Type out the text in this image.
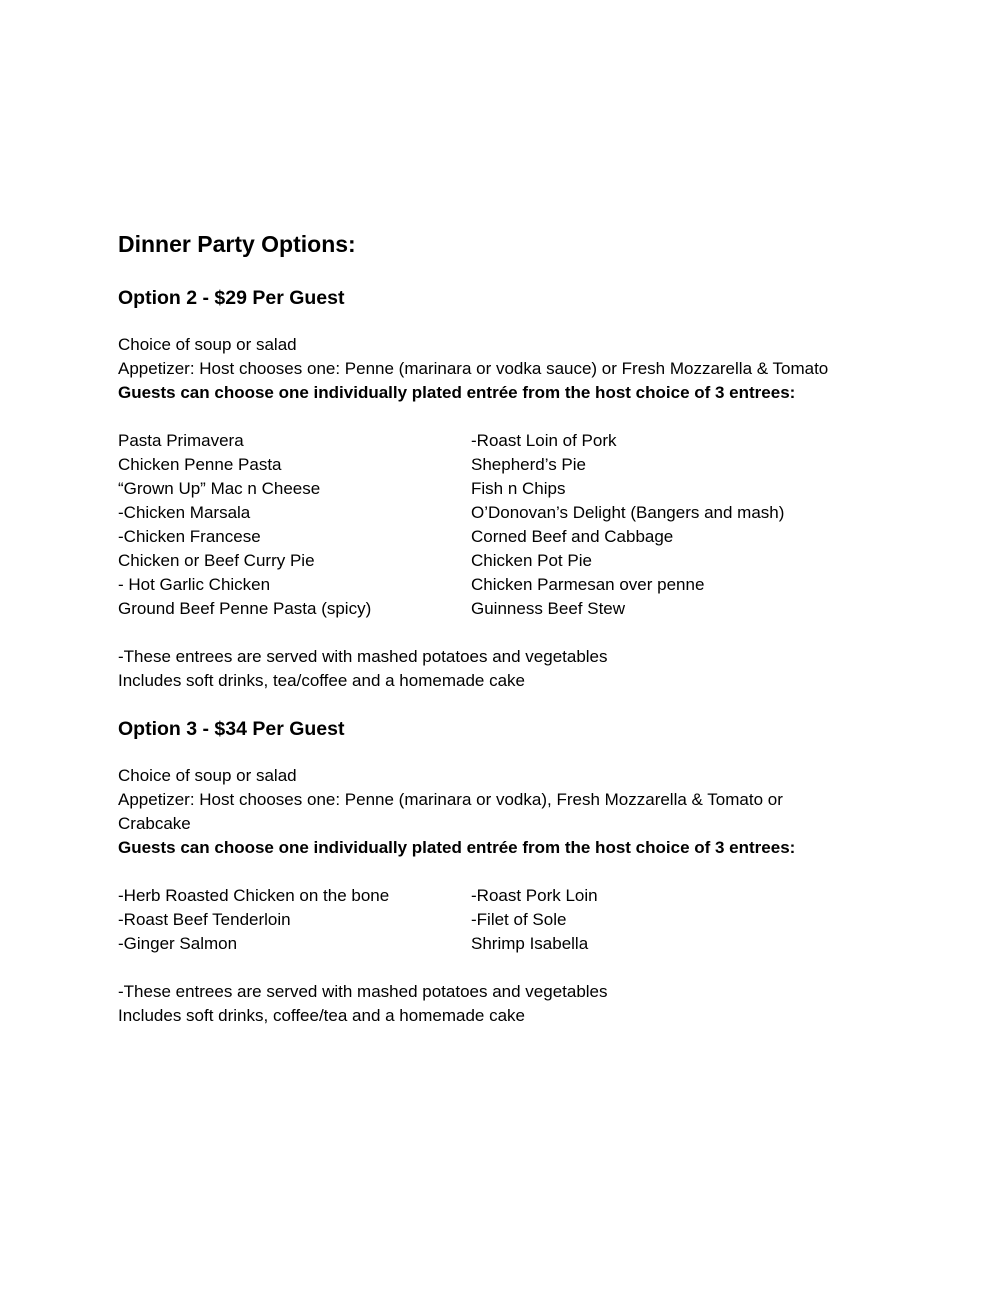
Dinner Party Options:
Option 2 - $29 Per Guest
Choice of soup or salad
Appetizer: Host chooses one: Penne (marinara or vodka sauce) or Fresh Mozzarella & Tomato
Guests can choose one individually plated entrée from the host choice of 3 entrees:
Pasta Primavera
Chicken Penne Pasta
“Grown Up” Mac n Cheese
-Chicken Marsala
-Chicken Francese
Chicken or Beef Curry Pie
- Hot Garlic Chicken
Ground Beef Penne Pasta (spicy)
-Roast Loin of Pork
Shepherd’s Pie
Fish n Chips
O’Donovan’s Delight (Bangers and mash)
Corned Beef and Cabbage
Chicken Pot Pie
Chicken Parmesan over penne
Guinness Beef Stew
-These entrees are served with mashed potatoes and vegetables
Includes soft drinks, tea/coffee and a homemade cake
Option 3 - $34 Per Guest
Choice of soup or salad
Appetizer: Host chooses one: Penne (marinara or vodka), Fresh Mozzarella & Tomato or
Crabcake
Guests can choose one individually plated entrée from the host choice of 3 entrees:
-Herb Roasted Chicken on the bone
-Roast Beef Tenderloin
-Ginger Salmon
-Roast Pork Loin
-Filet of Sole
Shrimp Isabella
-These entrees are served with mashed potatoes and vegetables
Includes soft drinks, coffee/tea and a homemade cake
